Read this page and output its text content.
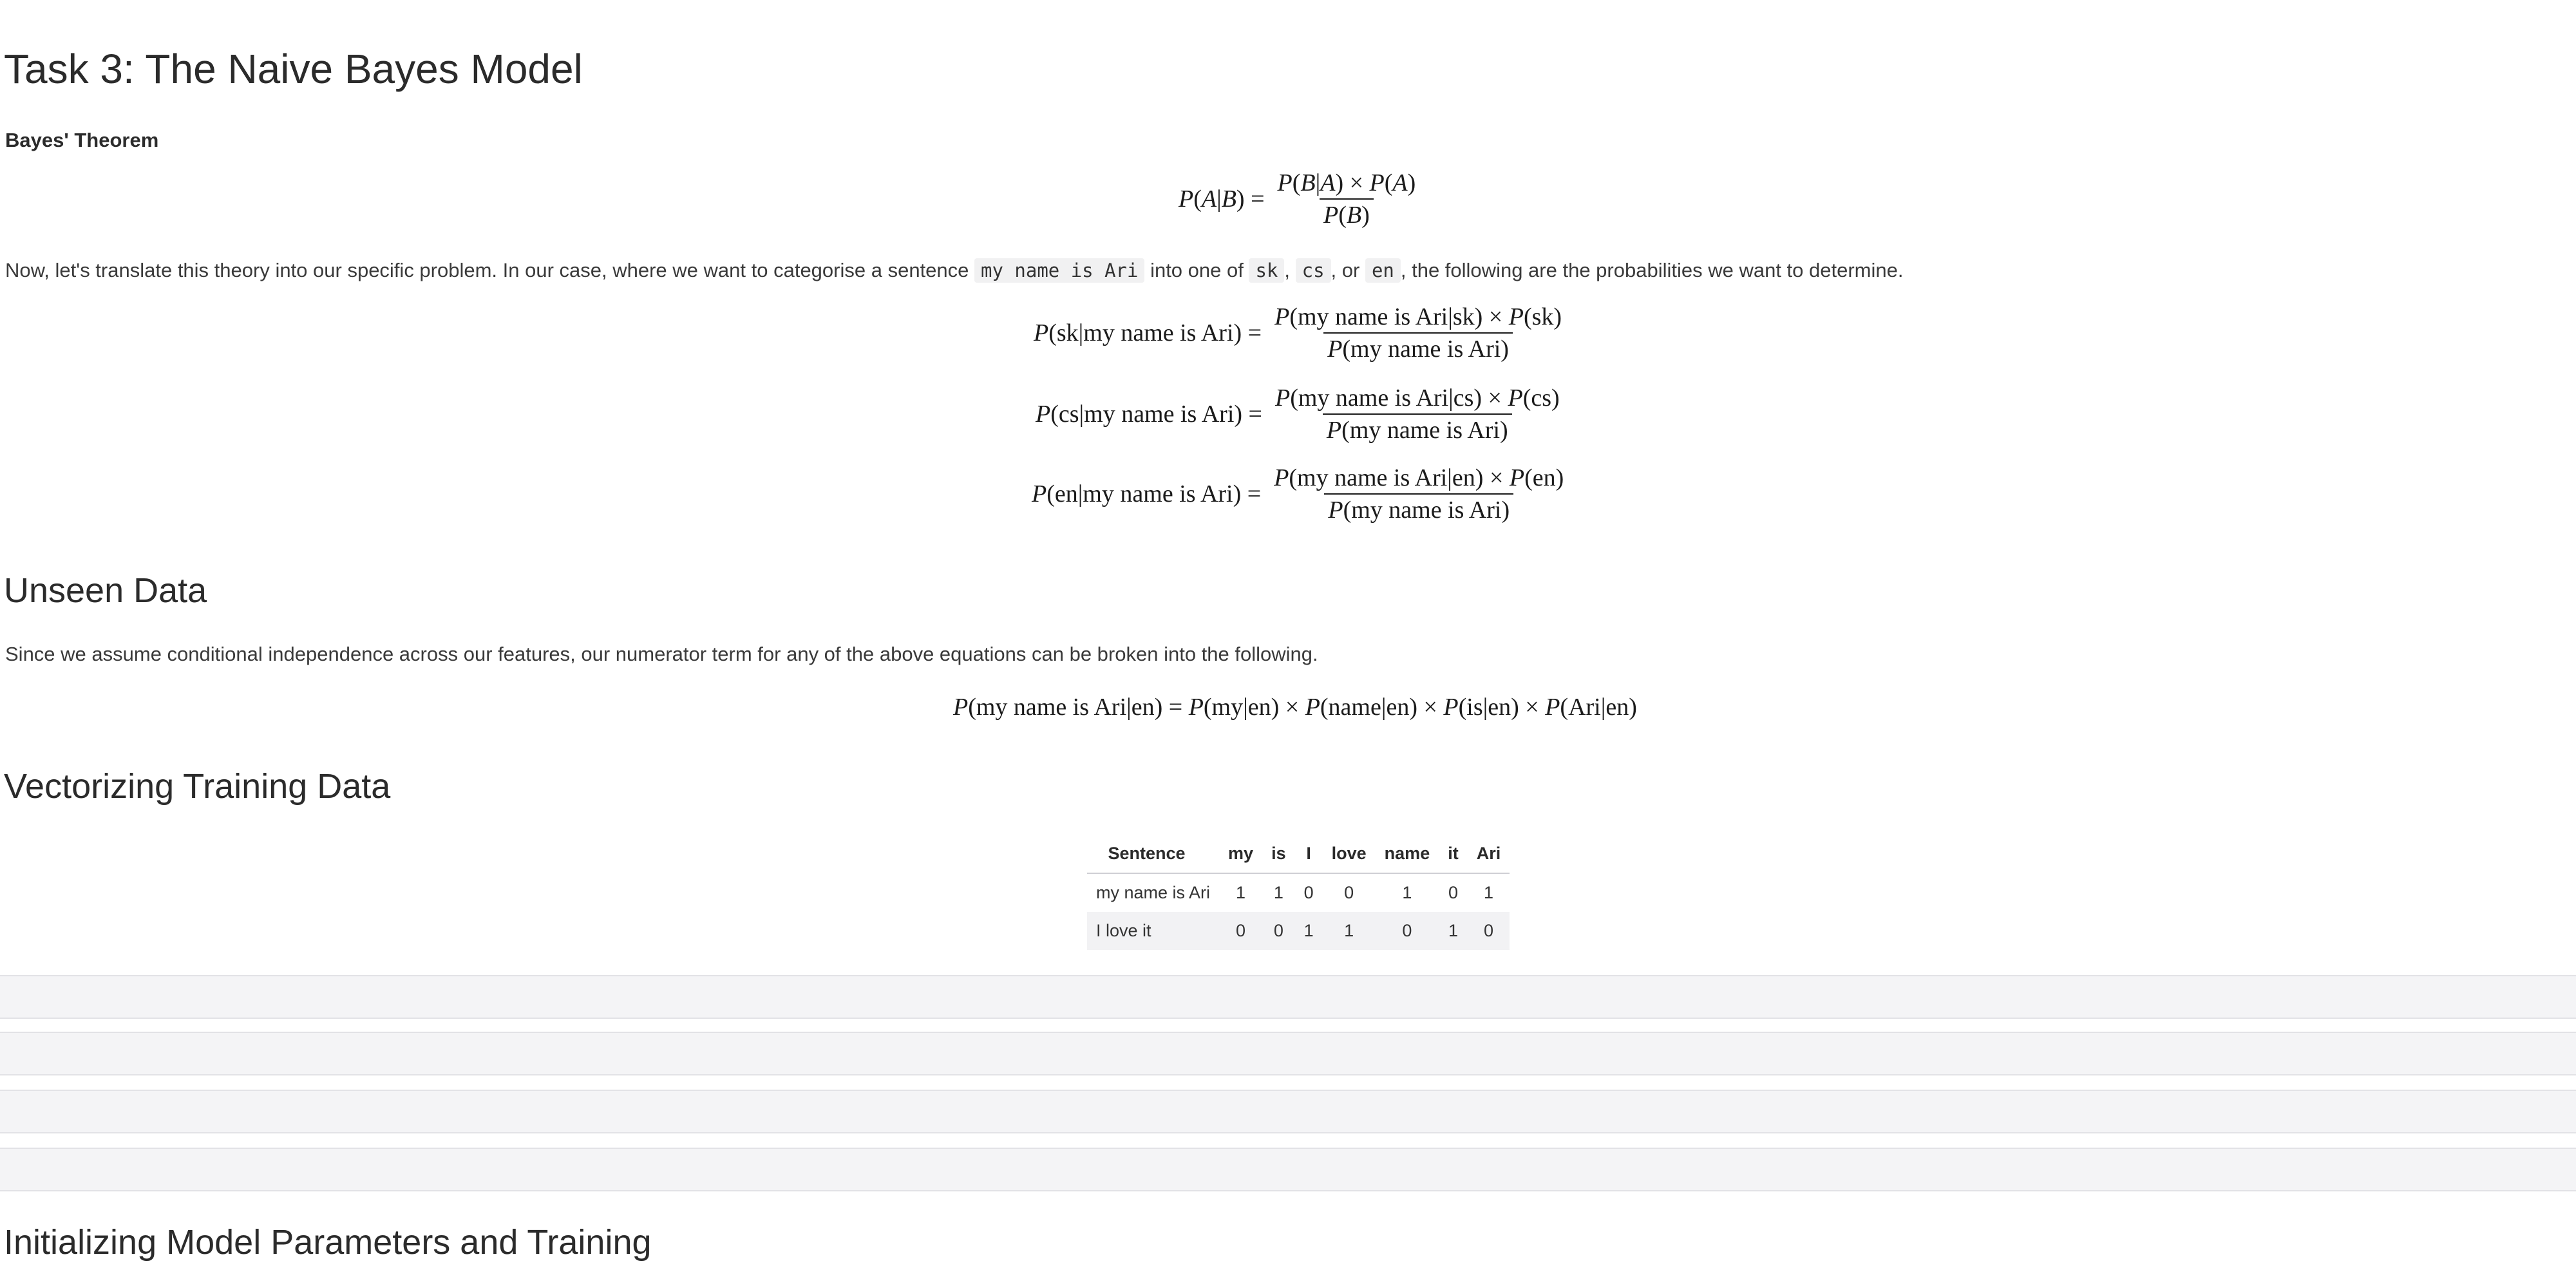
Task 3: The Naive Bayes Model
Bayes' Theorem
$P(A|B) = \frac{P(B|A) \times P(A)}{P(B)}$
Now, let's translate this theory into our specific problem. In our case, where we want to categorise a sentence my name is Ari into one of sk , cs , or en , the following are the probabilities we want to determine.
P(sk|my name is $Ari) = \frac{\text{P(my name is Ari|sk) × P(sk)}}{\text{P(my name is Ari)}}$
P(cs|my name is $Ari) = \frac{\text{P(my name is Ari|cs) × P(cs)}}{\text{P(my name is Ari)}}$
P(en|my name is $Ari) = \frac{\text{P(my name is Ari|en) × P(en)}}{\text{P(my name is Ari)}}$
Unseen Data
Since we assume conditional independence across our features, our numerator term for any of the above equations can be broken into the following.
P(my name is Ari|en) = P(my|en) × P(name|en) × P(is|en) × P(Ari|en)
Vectorizing Training Data
Sentence	my	is	I	love	name	it	Ari
my name is Ari	1	1	0	0	1	0	1
I love it	0	0	1	1	0	1	0
Initializing Model Parameters and Training
